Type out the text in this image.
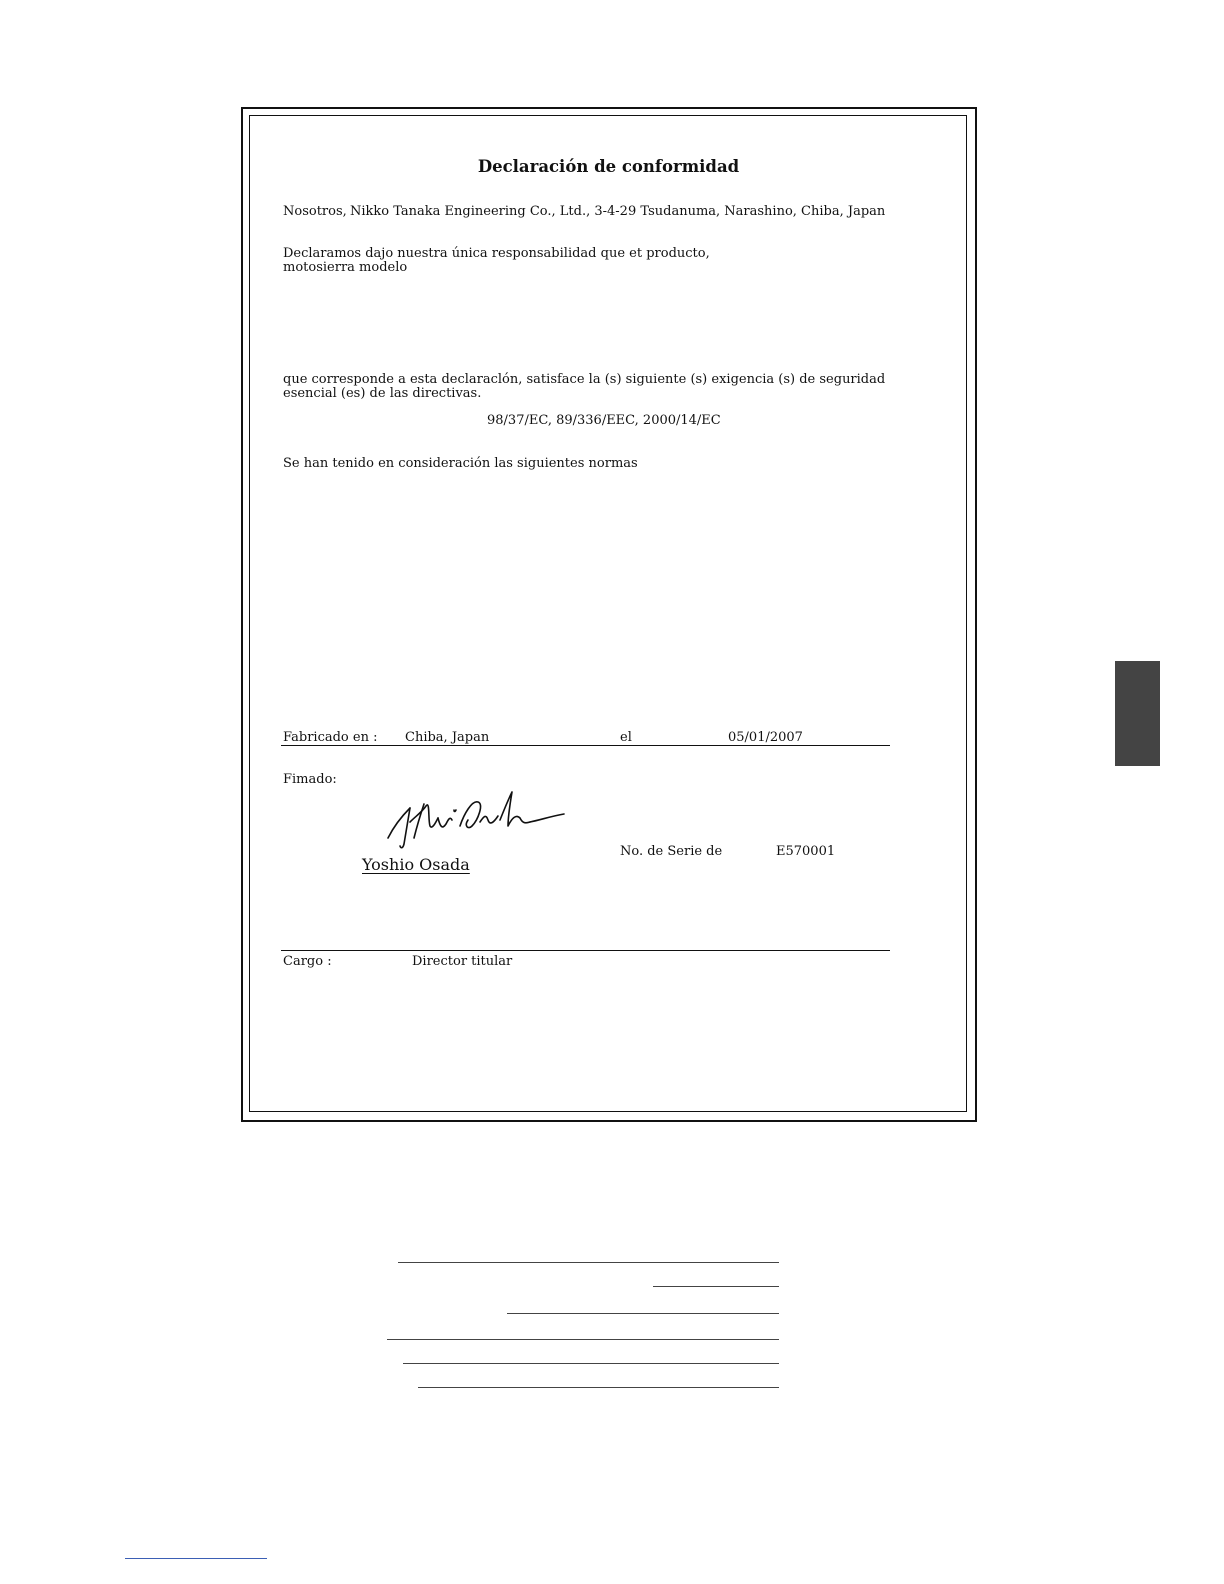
Declaración de conformidad
Nosotros, Nikko Tanaka Engineering Co., Ltd., 3-4-29 Tsudanuma, Narashino, Chiba, Japan
Declaramos dajo nuestra única responsabilidad que et producto,
motosierra modelo
que corresponde a esta declaraclón, satisface la (s) siguiente (s) exigencia (s) de seguridad esencial (es) de las directivas.
98/37/EC, 89/336/EEC, 2000/14/EC
Se han tenido en consideración las siguientes normas
Fabricado en : Chiba, Japan	el	05/01/2007
Fimado:
Yoshio Osada
No. de Serie de	E570001
Cargo :	Director titular
